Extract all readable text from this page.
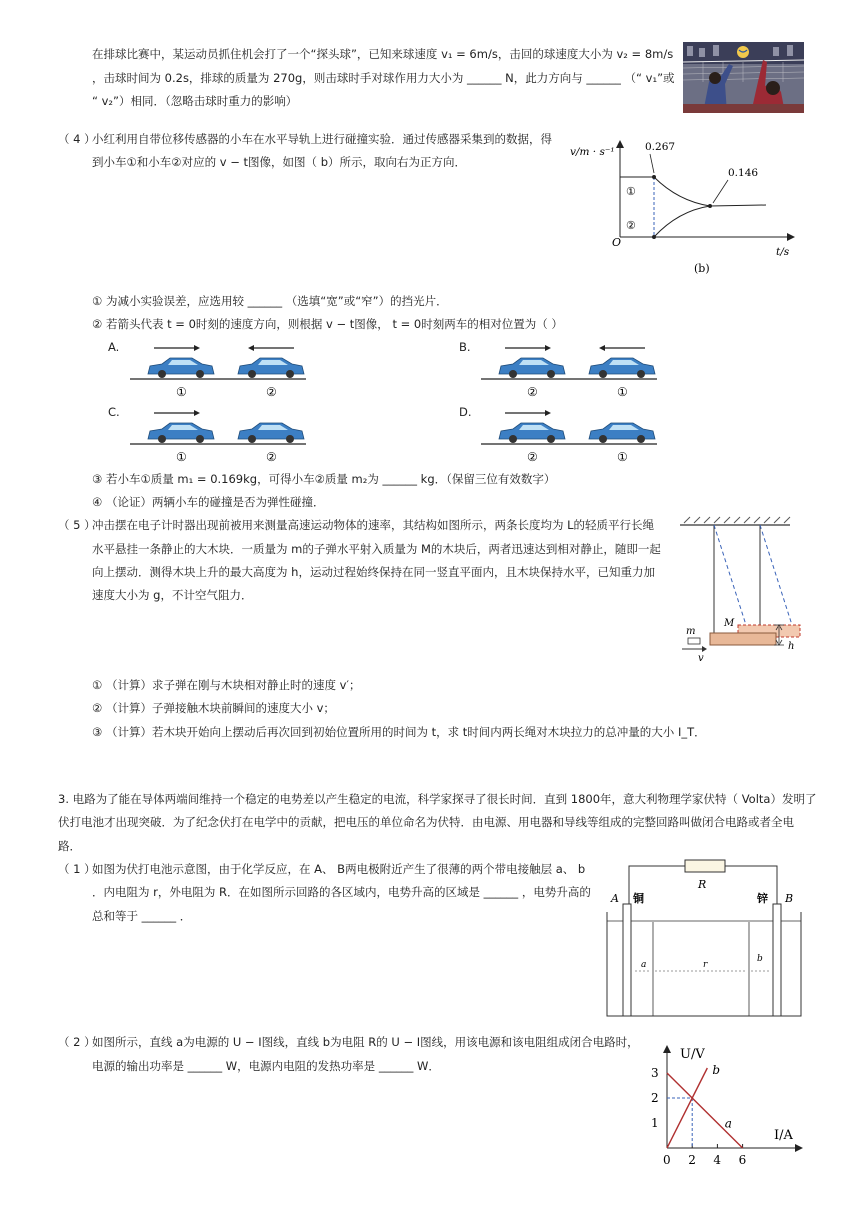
在排球比赛中，某运动员抓住机会打了一个“探头球”，已知来球速度 v₁ = 6m/s，击回的球速度大小为 v₂ = 8m/s
，击球时间为 0.2s，排球的质量为 270g，则击球时手对球作用力大小为 ______ N，此力方向与 ______ （“ v₁”或
“ v₂”）相同．（忽略击球时重力的影响）
（ 4 ）
小红利用自带位移传感器的小车在水平导轨上进行碰撞实验．通过传感器采集到的数据，得
到小车①和小车②对应的 v − t图像，如图（ b）所示，取向右为正方向．
v/m · s⁻¹
t/s
O
0.267
0.146
①
②
(b)
① 为减小实验误差，应选用较 ______ （选填“宽”或“窄”）的挡光片．
② 若箭头代表 t = 0时刻的速度方向，则根据 v − t图像， t = 0时刻两车的相对位置为（ ）
A.
①	②
B.
②	①
C.
①	②
D.
②	①
③ 若小车①质量 m₁ = 0.169kg，可得小车②质量 m₂为 ______ kg．（保留三位有效数字）
④ （论证）两辆小车的碰撞是否为弹性碰撞．
（ 5 ）
冲击摆在电子计时器出现前被用来测量高速运动物体的速率，其结构如图所示，两条长度均为 L的轻质平行长绳
水平悬挂一条静止的大木块．一质量为 m的子弹水平射入质量为 M的木块后，两者迅速达到相对静止，随即一起
向上摆动．测得木块上升的最大高度为 h，运动过程始终保持在同一竖直平面内，且木块保持水平，已知重力加
速度大小为 g，不计空气阻力．
h
M
m
v
① （计算）求子弹在刚与木块相对静止时的速度 v′；
② （计算）子弹接触木块前瞬间的速度大小 v；
③ （计算）若木块开始向上摆动后再次回到初始位置所用的时间为 t，求 t时间内两长绳对木块拉力的总冲量的大小 I_T．
3. 电路为了能在导体两端间维持一个稳定的电势差以产生稳定的电流，科学家探寻了很长时间．直到 1800年，意大利物理学家伏特（ Volta）发明了
伏打电池才出现突破．为了纪念伏打在电学中的贡献，把电压的单位命名为伏特．由电源、用电器和导线等组成的完整回路叫做闭合电路或者全电
路．
（ 1 ）
如图为伏打电池示意图，由于化学反应，在 A、 B两电极附近产生了很薄的两个带电接触层 a、 b
．内电阻为 r，外电阻为 R．在如图所示回路的各区域内，电势升高的区域是 ______ ，电势升高的
总和等于 ______ ．
R
A	B
铜	锌
a	r
b
（ 2 ）
如图所示，直线 a为电源的 U − I图线，直线 b为电阻 R的 U − I图线，用该电源和该电阻组成闭合电路时，
电源的输出功率是 ______ W，电源内电阻的发热功率是 ______ W．
U/V
I/A
0 2 4 6
1
2
3	b
a
